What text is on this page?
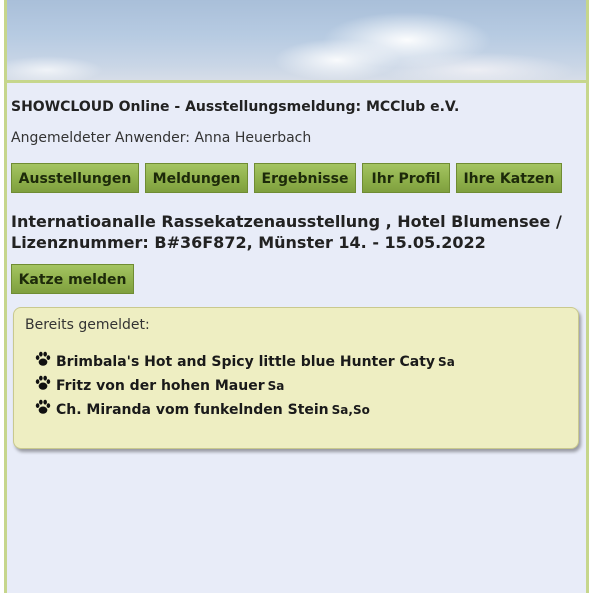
SHOWCLOUD Online - Ausstellungsmeldung: MCClub e.V.
Angemeldeter Anwender: Anna Heuerbach
Ausstellungen	Meldungen	Ergebnisse	Ihr Profil	Ihre Katzen
Internatioanalle Rassekatzenausstellung , Hotel Blumensee /
Lizenznummer: B#36F872, Münster 14. - 15.05.2022
Katze melden
Bereits gemeldet:
Brimbala's Hot and Spicy little blue Hunter Caty Sa
Fritz von der hohen Mauer Sa
Ch. Miranda vom funkelnden Stein Sa,So
